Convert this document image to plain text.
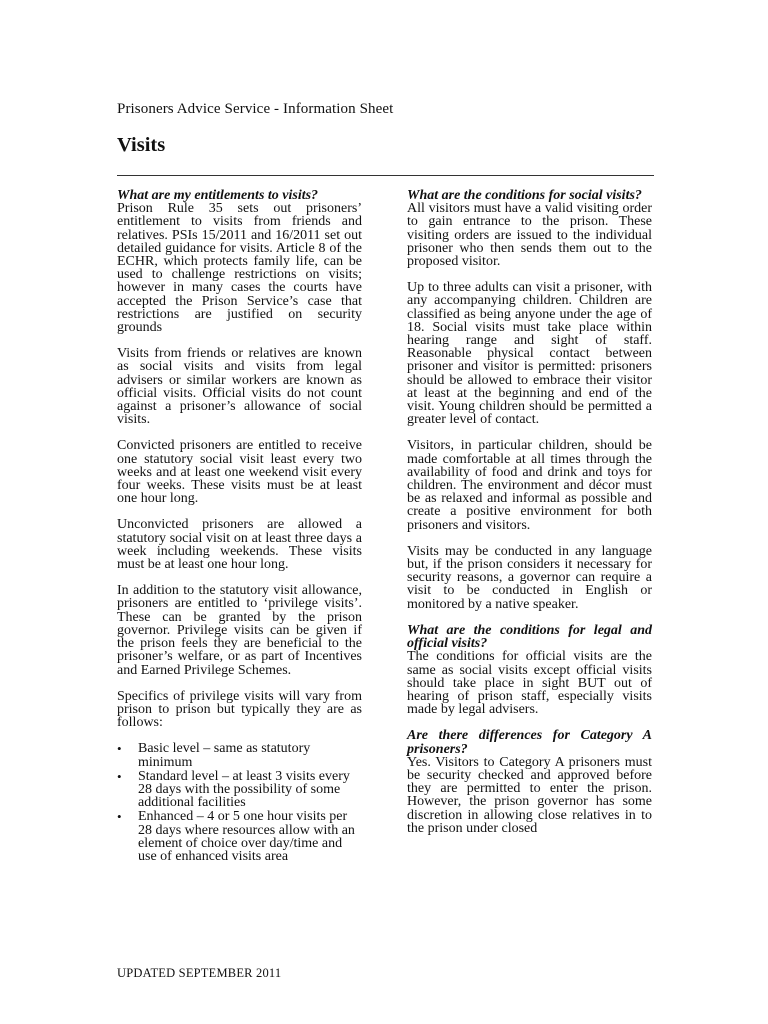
Prisoners Advice Service - Information Sheet
Visits
What are my entitlements to visits?

Prison Rule 35 sets out prisoners’ entitlement to visits from friends and relatives. PSIs 15/2011 and 16/2011 set out detailed guidance for visits. Article 8 of the ECHR, which protects family life, can be used to challenge restrictions on visits; however in many cases the courts have accepted the Prison Service’s case that restrictions are justified on security grounds

Visits from friends or relatives are known as social visits and visits from legal advisers or similar workers are known as official visits. Official visits do not count against a prisoner’s allowance of social visits.

Convicted prisoners are entitled to receive one statutory social visit least every two weeks and at least one weekend visit every four weeks. These visits must be at least one hour long.

Unconvicted prisoners are allowed a statutory social visit on at least three days a week including weekends. These visits must be at least one hour long.

In addition to the statutory visit allowance, prisoners are entitled to ‘privilege visits’. These can be granted by the prison governor. Privilege visits can be given if the prison feels they are beneficial to the prisoner’s welfare, or as part of Incentives and Earned Privilege Schemes.

Specifics of privilege visits will vary from prison to prison but typically they are as follows:

•	Basic level – same as statutory minimum
•	Standard level – at least 3 visits every 28 days with the possibility of some additional facilities
•	Enhanced – 4 or 5 one hour visits per 28 days where resources allow with an element of choice over day/time and use of enhanced visits area
What are the conditions for social visits?

All visitors must have a valid visiting order to gain entrance to the prison. These visiting orders are issued to the individual prisoner who then sends them out to the proposed visitor.

Up to three adults can visit a prisoner, with any accompanying children. Children are classified as being anyone under the age of 18. Social visits must take place within hearing range and sight of staff. Reasonable physical contact between prisoner and visitor is permitted: prisoners should be allowed to embrace their visitor at least at the beginning and end of the visit. Young children should be permitted a greater level of contact.

Visitors, in particular children, should be made comfortable at all times through the availability of food and drink and toys for children. The environment and décor must be as relaxed and informal as possible and create a positive environment for both prisoners and visitors.

Visits may be conducted in any language but, if the prison considers it necessary for security reasons, a governor can require a visit to be conducted in English or monitored by a native speaker.

What are the conditions for legal and official visits?

The conditions for official visits are the same as social visits except official visits should take place in sight BUT out of hearing of prison staff, especially visits made by legal advisers.

Are there differences for Category A prisoners?

Yes. Visitors to Category A prisoners must be security checked and approved before they are permitted to enter the prison. However, the prison governor has some discretion in allowing close relatives in to the prison under closed

UPDATED SEPTEMBER 2011
